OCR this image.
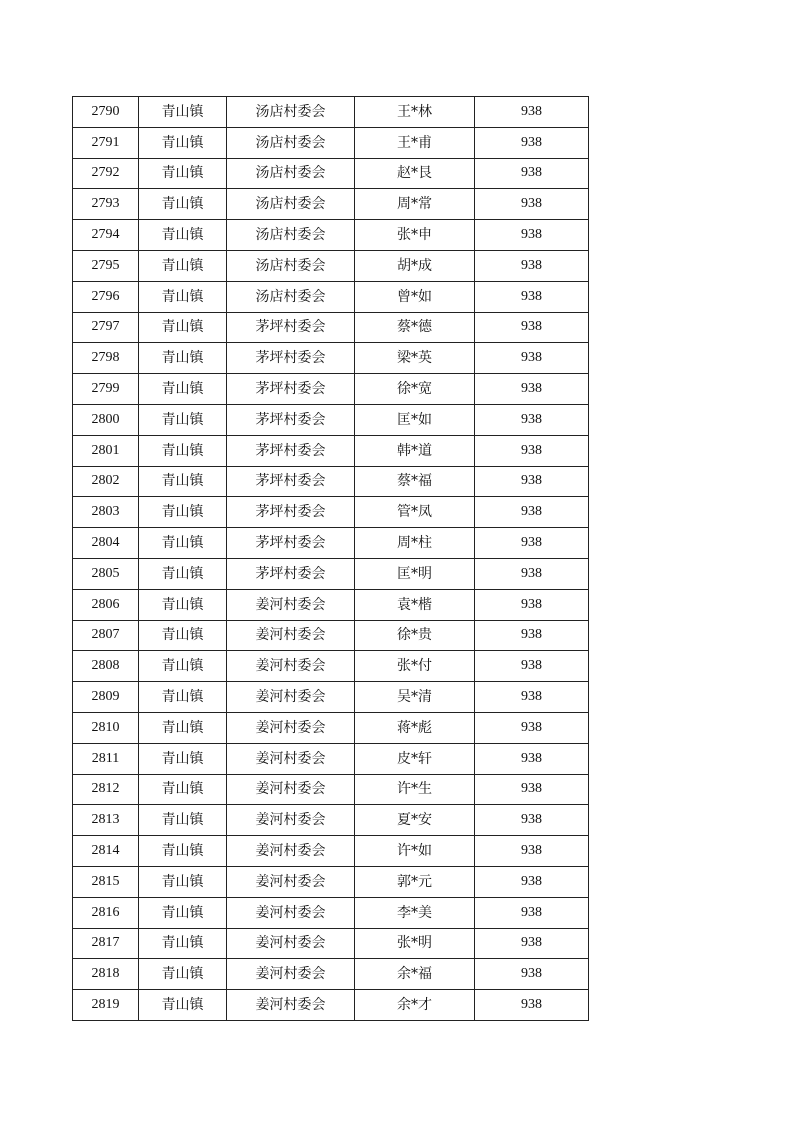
2790	青山镇	汤店村委会	王*林	938
2791	青山镇	汤店村委会	王*甫	938
2792	青山镇	汤店村委会	赵*艮	938
2793	青山镇	汤店村委会	周*常	938
2794	青山镇	汤店村委会	张*申	938
2795	青山镇	汤店村委会	胡*成	938
2796	青山镇	汤店村委会	曾*如	938
2797	青山镇	茅坪村委会	蔡*德	938
2798	青山镇	茅坪村委会	梁*英	938
2799	青山镇	茅坪村委会	徐*宽	938
2800	青山镇	茅坪村委会	匡*如	938
2801	青山镇	茅坪村委会	韩*道	938
2802	青山镇	茅坪村委会	蔡*福	938
2803	青山镇	茅坪村委会	管*凤	938
2804	青山镇	茅坪村委会	周*柱	938
2805	青山镇	茅坪村委会	匡*明	938
2806	青山镇	姜河村委会	袁*楷	938
2807	青山镇	姜河村委会	徐*贵	938
2808	青山镇	姜河村委会	张*付	938
2809	青山镇	姜河村委会	吴*清	938
2810	青山镇	姜河村委会	蒋*彪	938
2811	青山镇	姜河村委会	皮*轩	938
2812	青山镇	姜河村委会	许*生	938
2813	青山镇	姜河村委会	夏*安	938
2814	青山镇	姜河村委会	许*如	938
2815	青山镇	姜河村委会	郭*元	938
2816	青山镇	姜河村委会	李*美	938
2817	青山镇	姜河村委会	张*明	938
2818	青山镇	姜河村委会	余*福	938
2819	青山镇	姜河村委会	余*才	938
